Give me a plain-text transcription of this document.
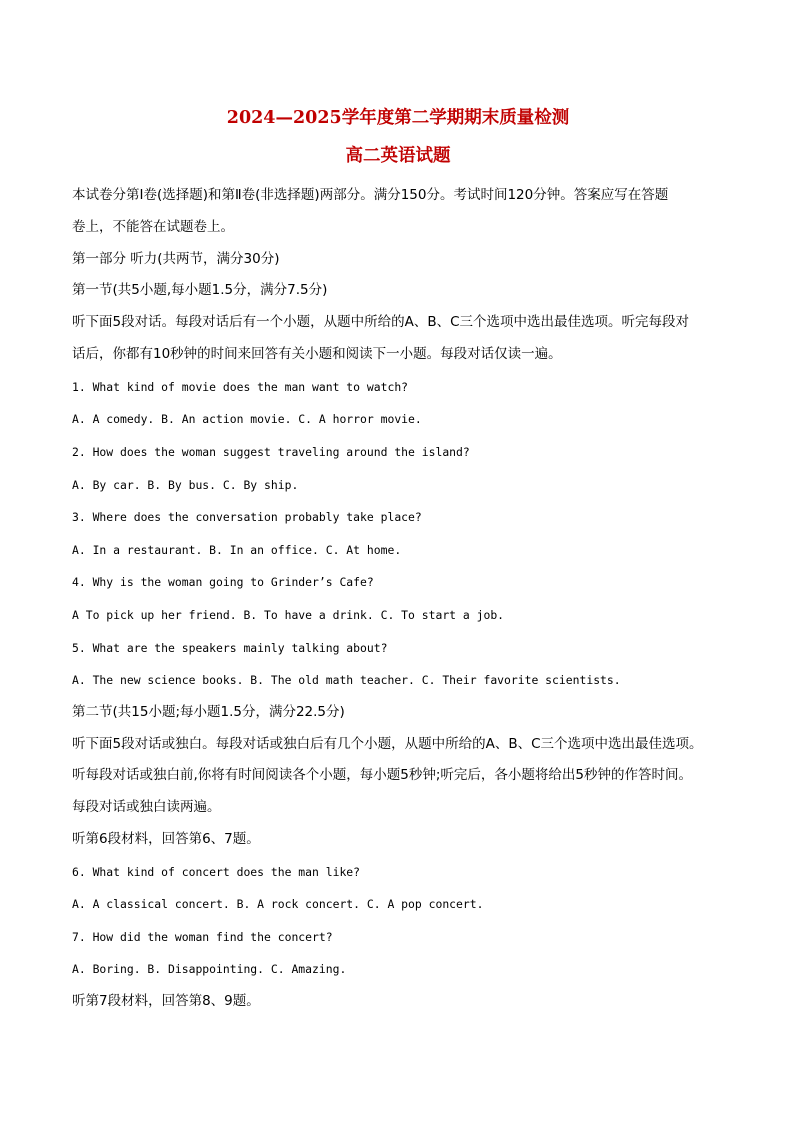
2024—2025学年度第二学期期末质量检测
高二英语试题

本试卷分第Ⅰ卷(选择题)和第Ⅱ卷(非选择题)两部分。满分150分。考试时间120分钟。答案应写在答题

卷上，不能答在试题卷上。

第一部分 听力(共两节，满分30分)

第一节(共5小题,每小题1.5分，满分7.5分)

听下面5段对话。每段对话后有一个小题，从题中所给的A、B、C三个选项中选出最佳选项。听完每段对

话后，你都有10秒钟的时间来回答有关小题和阅读下一小题。每段对话仅读一遍。

1. What kind of movie does the man want to watch?

A. A comedy. B. An action movie. C. A horror movie.

2. How does the woman suggest traveling around the island?

A. By car. B. By bus. C. By ship.

3. Where does the conversation probably take place?

A. In a restaurant. B. In an office. C. At home.

4. Why is the woman going to Grinder’s Cafe?

A To pick up her friend. B. To have a drink. C. To start a job.

5. What are the speakers mainly talking about?

A. The new science books. B. The old math teacher. C. Their favorite scientists.

第二节(共15小题;每小题1.5分，满分22.5分)

听下面5段对话或独白。每段对话或独白后有几个小题，从题中所给的A、B、C三个选项中选出最佳选项。

听每段对话或独白前,你将有时间阅读各个小题，每小题5秒钟;听完后，各小题将给出5秒钟的作答时间。

每段对话或独白读两遍。

听第6段材料，回答第6、7题。

6. What kind of concert does the man like?

A. A classical concert. B. A rock concert. C. A pop concert.

7. How did the woman find the concert?

A. Boring. B. Disappointing. C. Amazing.

听第7段材料，回答第8、9题。
